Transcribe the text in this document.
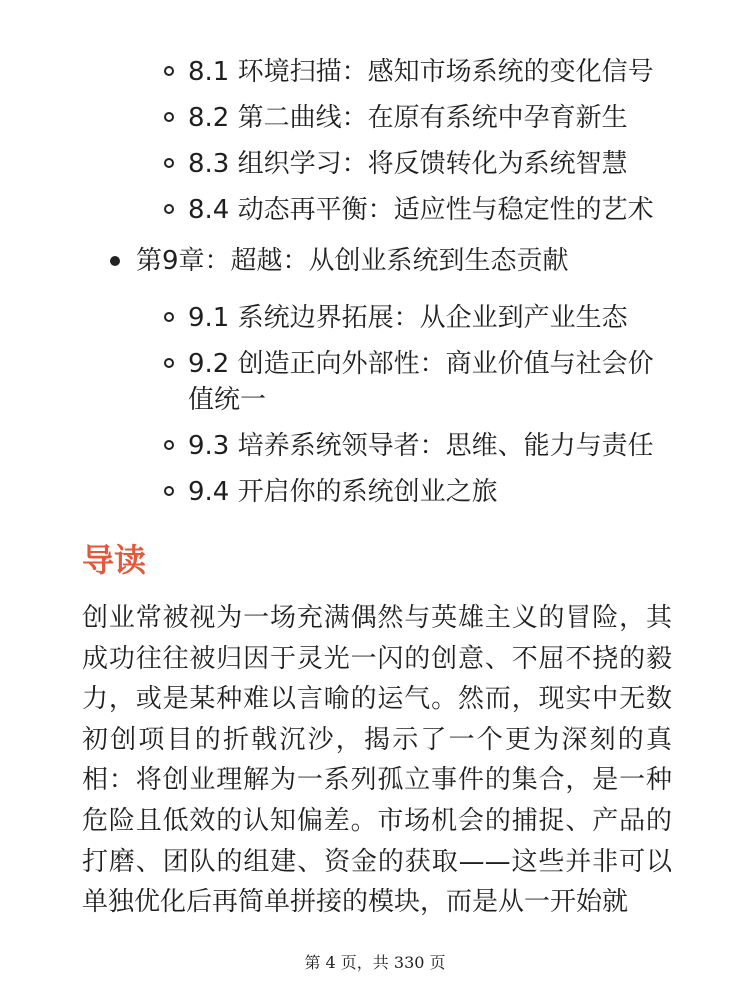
8.1 环境扫描：感知市场系统的变化信号
8.2 第二曲线：在原有系统中孕育新生
8.3 组织学习：将反馈转化为系统智慧
8.4 动态再平衡：适应性与稳定性的艺术
第9章：超越：从创业系统到生态贡献
9.1 系统边界拓展：从企业到产业生态
9.2 创造正向外部性：商业价值与社会价值统一
9.3 培养系统领导者：思维、能力与责任
9.4 开启你的系统创业之旅
导读

创业常被视为一场充满偶然与英雄主义的冒险，其成功往往被归因于灵光一闪的创意、不屈不挠的毅力，或是某种难以言喻的运气。然而，现实中无数初创项目的折戟沉沙，揭示了一个更为深刻的真相：将创业理解为一系列孤立事件的集合，是一种危险且低效的认知偏差。市场机会的捕捉、产品的打磨、团队的组建、资金的获取——这些并非可以单独优化后再简单拼接的模块，而是从一开始就

第 4 页，共 330 页
